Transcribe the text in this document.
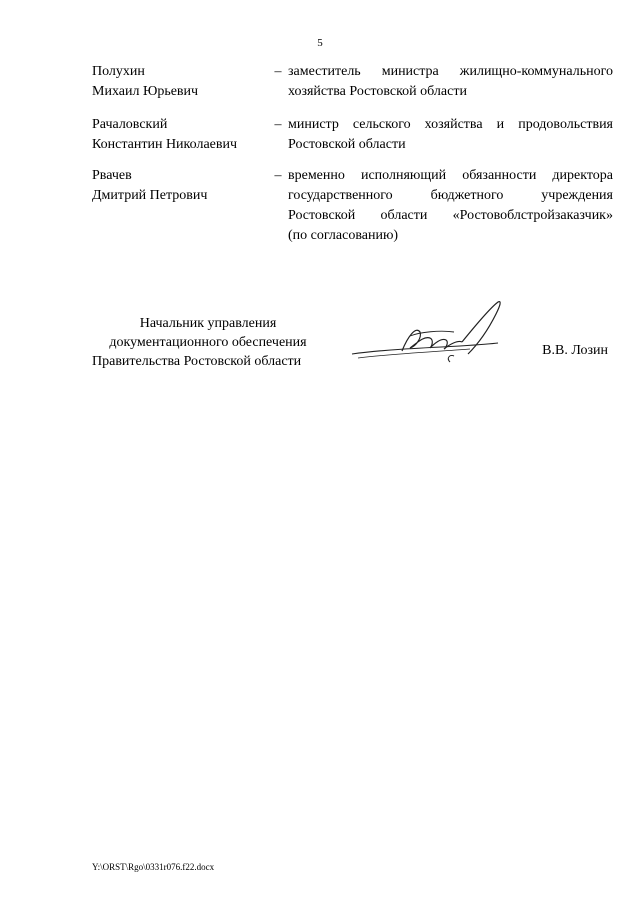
5
Полухин
Михаил Юрьевич
– заместитель министра жилищно-коммунального
хозяйства Ростовской области
Рачаловский
Константин Николаевич
– министр сельского хозяйства и продовольствия
Ростовской области
Рвачев
Дмитрий Петрович
– временно исполняющий обязанности директора
государственного бюджетного учреждения
Ростовской области «Ростовоблстройзаказчик»
(по согласованию)
Начальник управления
документационного обеспечения
Правительства Ростовской области
В.В. Лозин
Y:\ORST\Rgo\0331r076.f22.docx
